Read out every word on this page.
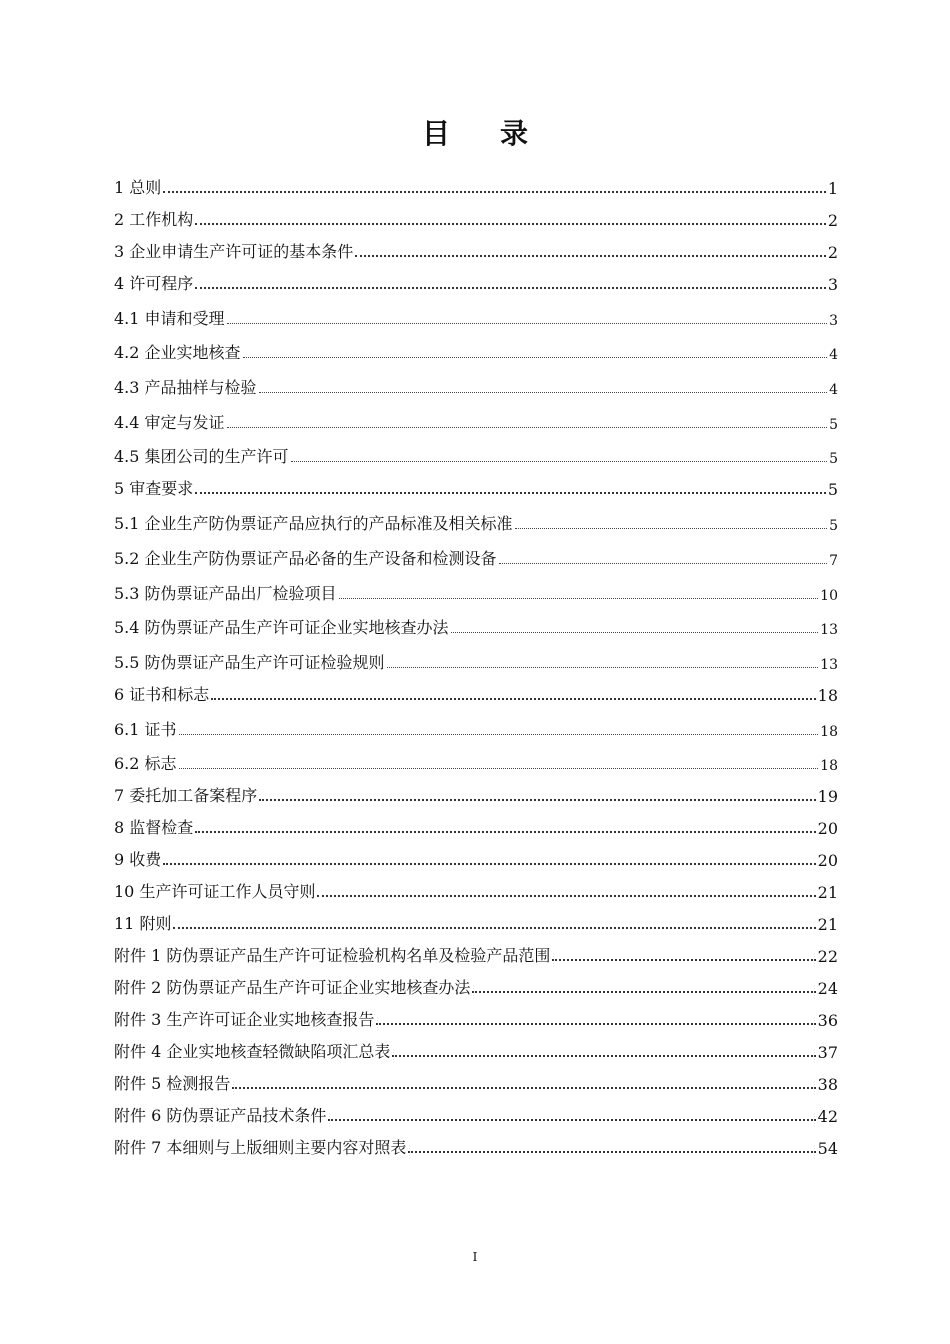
目录
1 总则	1
2 工作机构	2
3 企业申请生产许可证的基本条件	2
4 许可程序	3
4.1 申请和受理	3
4.2 企业实地核查	4
4.3 产品抽样与检验	4
4.4 审定与发证	5
4.5 集团公司的生产许可	5
5 审查要求	5
5.1 企业生产防伪票证产品应执行的产品标准及相关标准	5
5.2 企业生产防伪票证产品必备的生产设备和检测设备	7
5.3 防伪票证产品出厂检验项目	10
5.4 防伪票证产品生产许可证企业实地核查办法	13
5.5 防伪票证产品生产许可证检验规则	13
6 证书和标志	18
6.1 证书	18
6.2 标志	18
7 委托加工备案程序	19
8 监督检查	20
9 收费	20
10 生产许可证工作人员守则	21
11 附则	21
附件 1 防伪票证产品生产许可证检验机构名单及检验产品范围	22
附件 2 防伪票证产品生产许可证企业实地核查办法	24
附件 3 生产许可证企业实地核查报告	36
附件 4 企业实地核查轻微缺陷项汇总表	37
附件 5 检测报告	38
附件 6 防伪票证产品技术条件	42
附件 7 本细则与上版细则主要内容对照表	54
I
